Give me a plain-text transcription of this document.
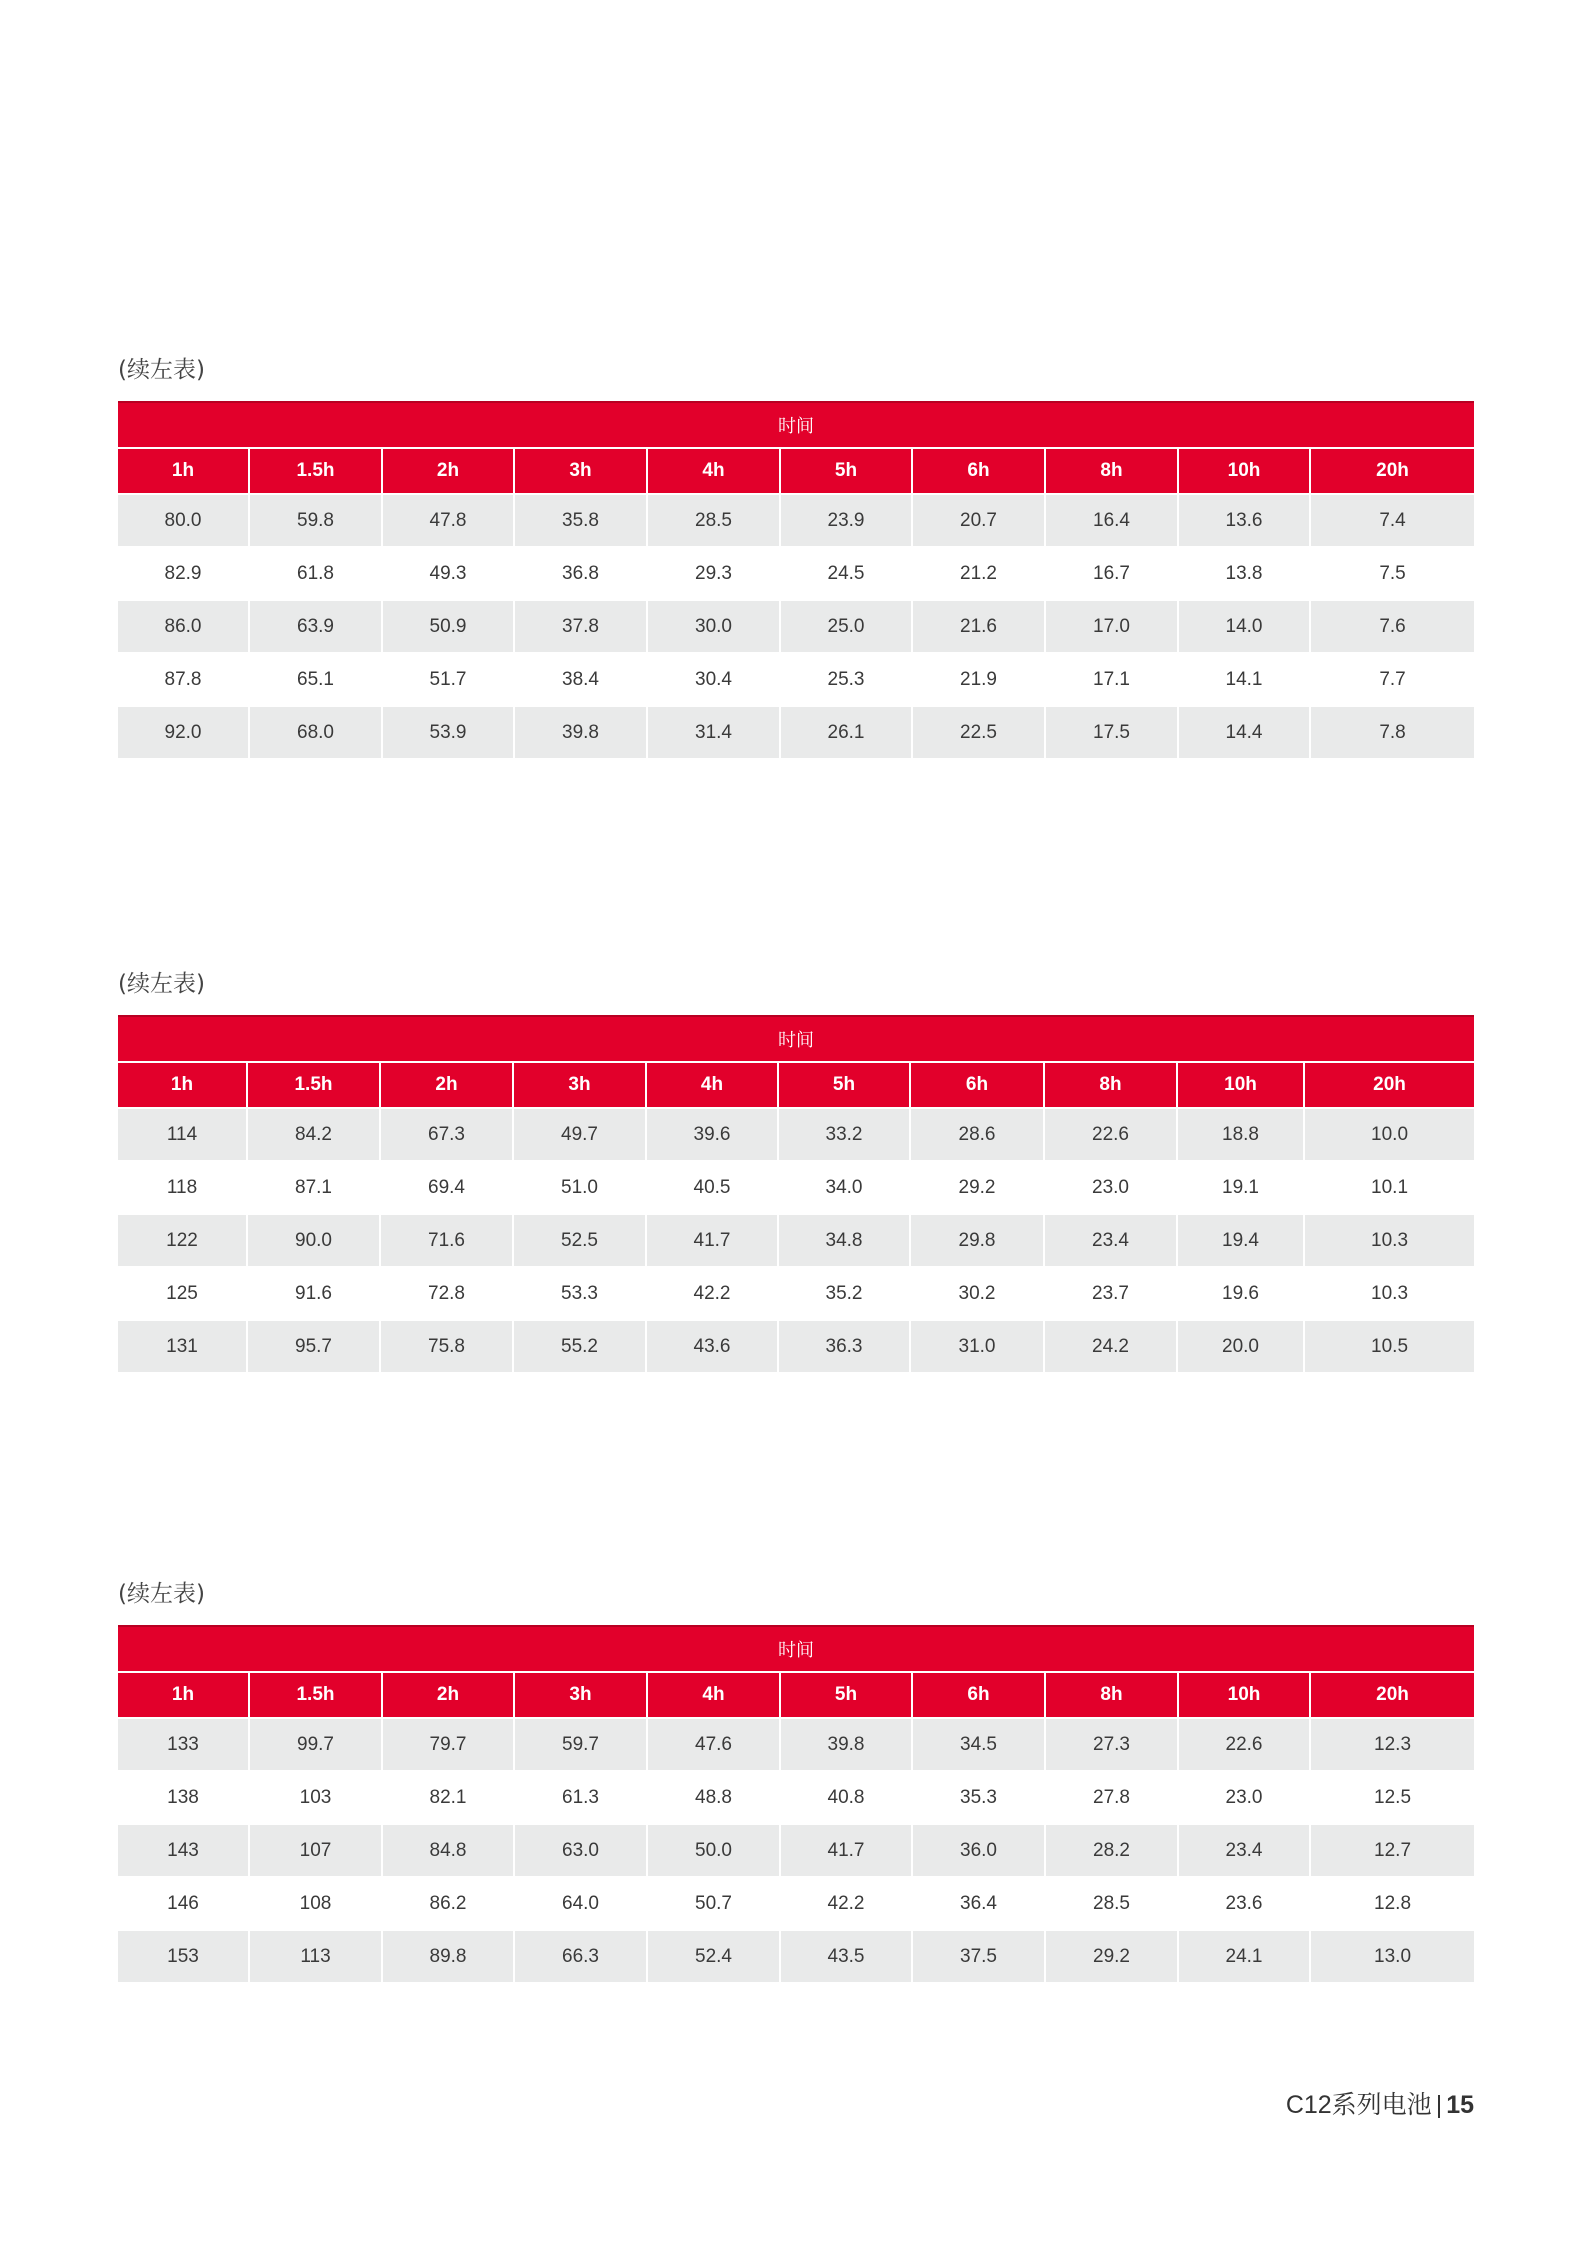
(续左表)
时间									
1h	1.5h	2h	3h	4h	5h	6h	8h	10h	20h
80.0	59.8	47.8	35.8	28.5	23.9	20.7	16.4	13.6	7.4
82.9	61.8	49.3	36.8	29.3	24.5	21.2	16.7	13.8	7.5
86.0	63.9	50.9	37.8	30.0	25.0	21.6	17.0	14.0	7.6
87.8	65.1	51.7	38.4	30.4	25.3	21.9	17.1	14.1	7.7
92.0	68.0	53.9	39.8	31.4	26.1	22.5	17.5	14.4	7.8
(续左表)
时间									
1h	1.5h	2h	3h	4h	5h	6h	8h	10h	20h
114	84.2	67.3	49.7	39.6	33.2	28.6	22.6	18.8	10.0
118	87.1	69.4	51.0	40.5	34.0	29.2	23.0	19.1	10.1
122	90.0	71.6	52.5	41.7	34.8	29.8	23.4	19.4	10.3
125	91.6	72.8	53.3	42.2	35.2	30.2	23.7	19.6	10.3
131	95.7	75.8	55.2	43.6	36.3	31.0	24.2	20.0	10.5
(续左表)
时间									
1h	1.5h	2h	3h	4h	5h	6h	8h	10h	20h
133	99.7	79.7	59.7	47.6	39.8	34.5	27.3	22.6	12.3
138	103	82.1	61.3	48.8	40.8	35.3	27.8	23.0	12.5
143	107	84.8	63.0	50.0	41.7	36.0	28.2	23.4	12.7
146	108	86.2	64.0	50.7	42.2	36.4	28.5	23.6	12.8
153	113	89.8	66.3	52.4	43.5	37.5	29.2	24.1	13.0
C12系列电池 | 15
